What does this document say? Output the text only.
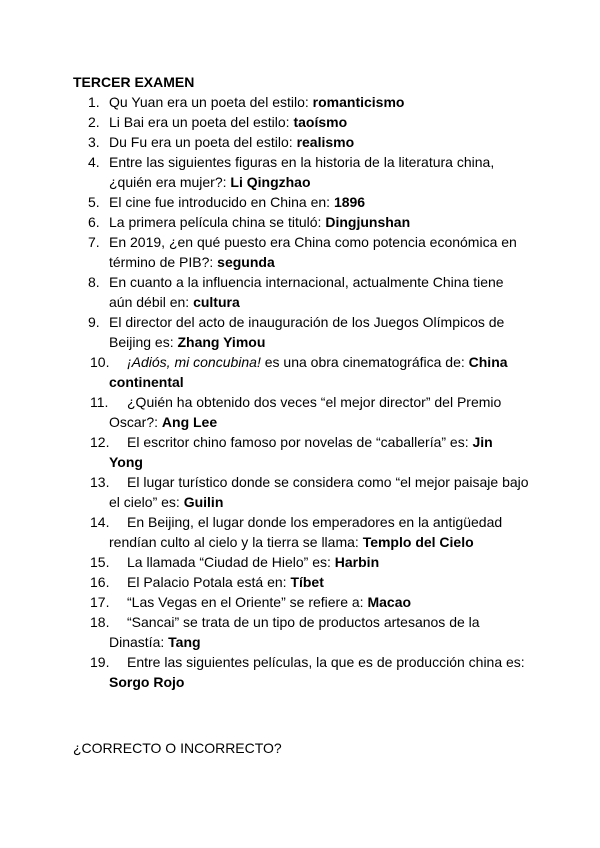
TERCER EXAMEN

1. Qu Yuan era un poeta del estilo: romanticismo
2. Li Bai era un poeta del estilo: taoísmo
3. Du Fu era un poeta del estilo: realismo
4. Entre las siguientes figuras en la historia de la literatura china, ¿quién era mujer?: Li Qingzhao
5. El cine fue introducido en China en: 1896
6. La primera película china se tituló: Dingjunshan
7. En 2019, ¿en qué puesto era China como potencia económica en término de PIB?: segunda
8. En cuanto a la influencia internacional, actualmente China tiene aún débil en: cultura
9. El director del acto de inauguración de los Juegos Olímpicos de Beijing es: Zhang Yimou
10. ¡Adiós, mi concubina! es una obra cinematográfica de: China continental
11. ¿Quién ha obtenido dos veces “el mejor director” del Premio Oscar?: Ang Lee
12. El escritor chino famoso por novelas de “caballería” es: Jin Yong
13. El lugar turístico donde se considera como “el mejor paisaje bajo el cielo” es: Guilin
14. En Beijing, el lugar donde los emperadores en la antigüedad rendían culto al cielo y la tierra se llama: Templo del Cielo
15. La llamada “Ciudad de Hielo” es: Harbin
16. El Palacio Potala está en: Tíbet
17. “Las Vegas en el Oriente” se refiere a: Macao
18. “Sancai” se trata de un tipo de productos artesanos de la Dinastía: Tang
19. Entre las siguientes películas, la que es de producción china es: Sorgo Rojo

¿CORRECTO O INCORRECTO?
